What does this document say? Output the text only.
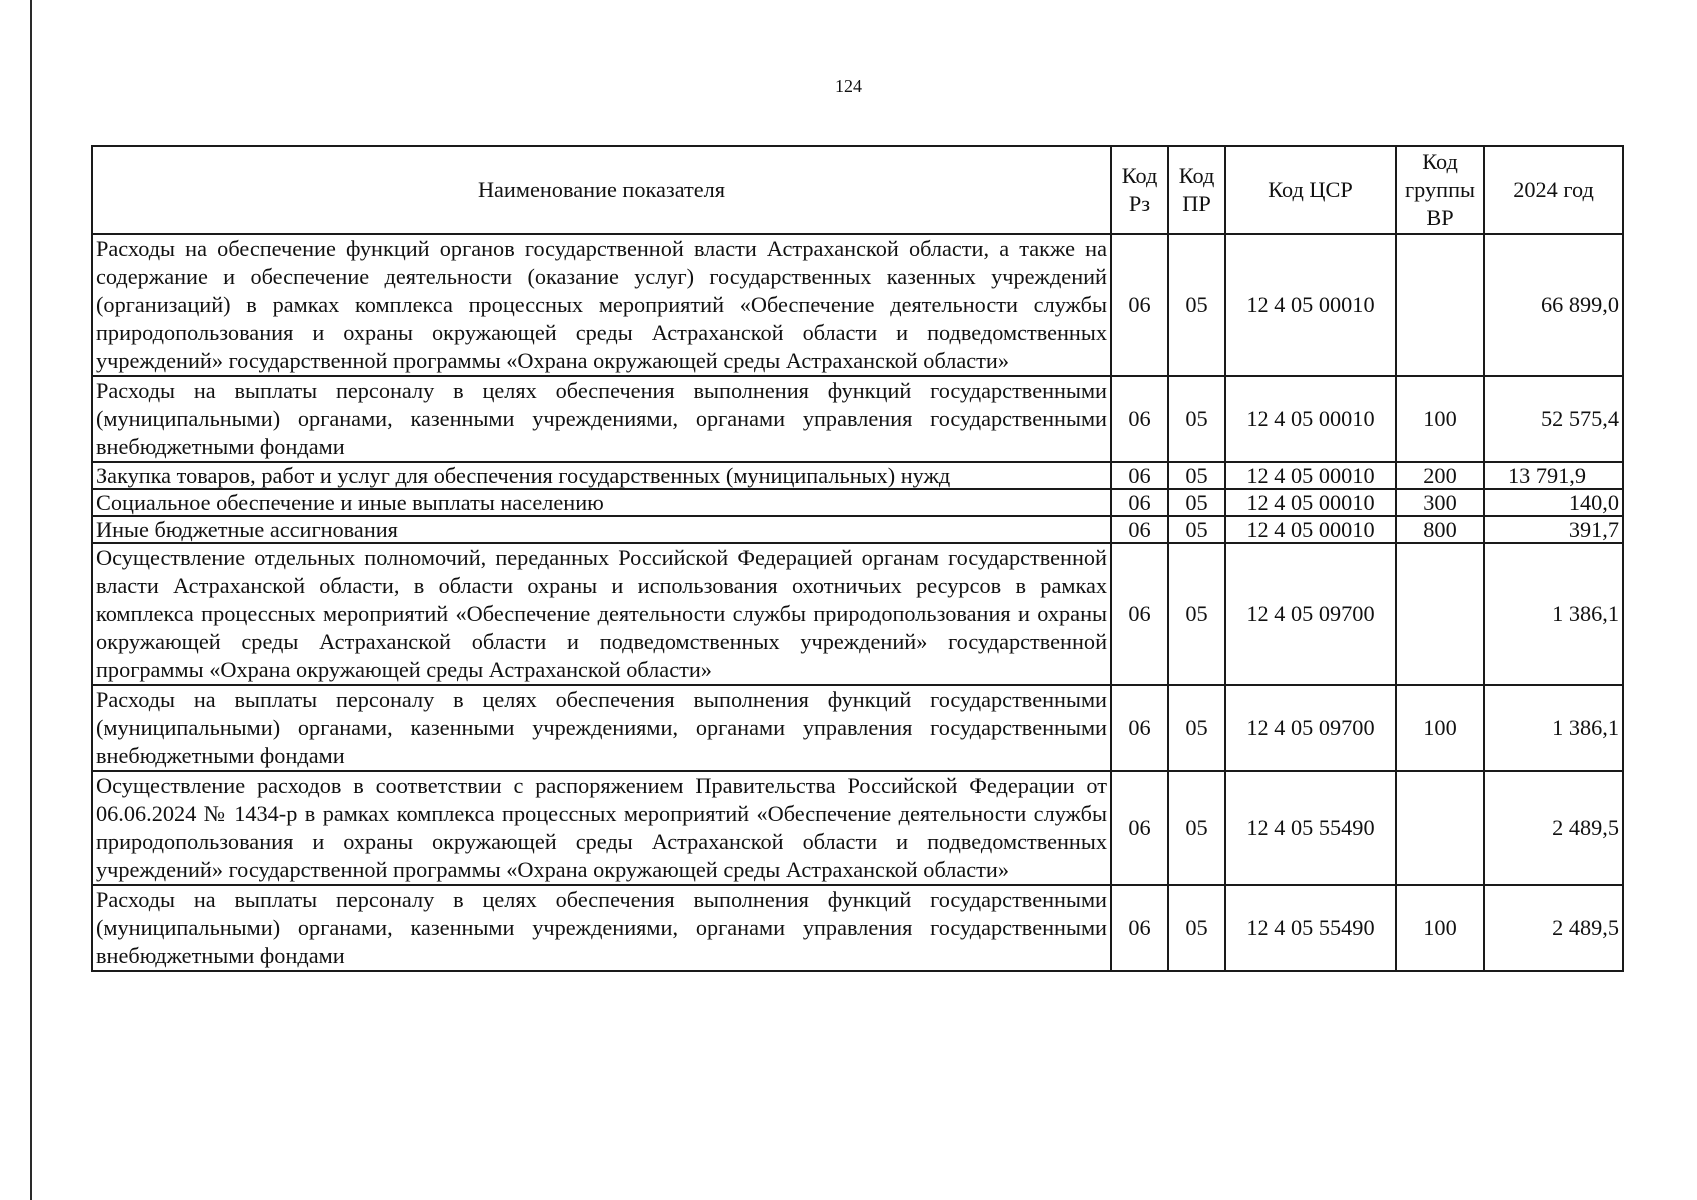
124
Наименование показателя	Код Рз	Код ПР	Код ЦСР	Код группы ВР	2024 год
Расходы на обеспечение функций органов государственной власти Астраханской области, а также на содержание и обеспечение деятельности (оказание услуг) государственных казенных учреждений (организаций) в рамках комплекса процессных мероприятий «Обеспечение деятельности службы природопользования и охраны окружающей среды Астраханской области и подведомственных учреждений» государственной программы «Охрана окружающей среды Астраханской области»	06	05	12 4 05 00010		66 899,0
Расходы на выплаты персоналу в целях обеспечения выполнения функций государственными (муниципальными) органами, казенными учреждениями, органами управления государственными внебюджетными фондами	06	05	12 4 05 00010	100	52 575,4
Закупка товаров, работ и услуг для обеспечения государственных (муниципальных) нужд	06	05	12 4 05 00010	200	13 791,9
Социальное обеспечение и иные выплаты населению	06	05	12 4 05 00010	300	140,0
Иные бюджетные ассигнования	06	05	12 4 05 00010	800	391,7
Осуществление отдельных полномочий, переданных Российской Федерацией органам государственной власти Астраханской области, в области охраны и использования охотничьих ресурсов в рамках комплекса процессных мероприятий «Обеспечение деятельности службы природопользования и охраны окружающей среды Астраханской области и подведомственных учреждений» государственной программы «Охрана окружающей среды Астраханской области»	06	05	12 4 05 09700		1 386,1
Расходы на выплаты персоналу в целях обеспечения выполнения функций государственными (муниципальными) органами, казенными учреждениями, органами управления государственными внебюджетными фондами	06	05	12 4 05 09700	100	1 386,1
Осуществление расходов в соответствии с распоряжением Правительства Российской Федерации от 06.06.2024 № 1434-р в рамках комплекса процессных мероприятий «Обеспечение деятельности службы природопользования и охраны окружающей среды Астраханской области и подведомственных учреждений» государственной программы «Охрана окружающей среды Астраханской области»	06	05	12 4 05 55490		2 489,5
Расходы на выплаты персоналу в целях обеспечения выполнения функций государственными (муниципальными) органами, казенными учреждениями, органами управления государственными внебюджетными фондами	06	05	12 4 05 55490	100	2 489,5
